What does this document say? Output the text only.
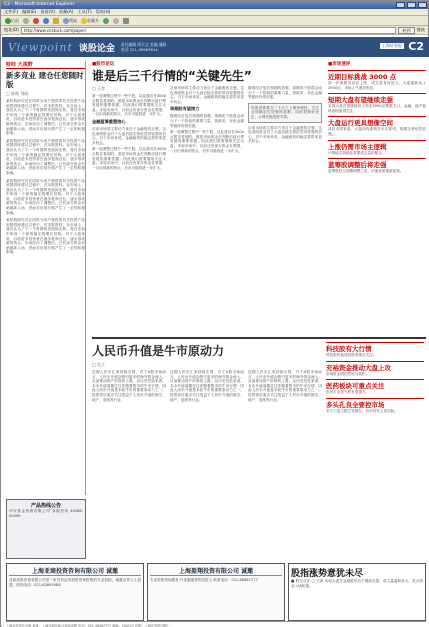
C2 - Microsoft Internet Explorer
文件(F) 编辑(E) 查看(V) 收藏(A) 工具(T) 帮助(H)
后退	搜索	收藏夹
地址(D)	http://www.cnstock.com/paper/	转到	链接
Viewpoint 谈股论金 责任编辑 周天文 美编 潘静
电话 021-38967614
上海证券报 C2
财经 大视野
新多竞业 建仓任您随时版
□ 陈秋 刘政
某机构研究员在同时为用户提供的有关投资产品和提供商建议过程中，对本报资料。在市场上，我们认为了下一个时期的发展和走势，将在市场中形成一个新的稳定的增长结构。对于大盘来说，目前更多投资者在逐步提高仓位，逐步形成新的热点。市场经历了调整后，已有部分资金开始重新入场，进而对后续行情产生了一定的积极影响。
某机构研究员在同时为用户提供的有关投资产品和提供商建议过程中，对本报资料。在市场上，我们认为了下一个时期的发展和走势，将在市场中形成一个新的稳定的增长结构。对于大盘来说，目前更多投资者在逐步提高仓位，逐步形成新的热点。市场经历了调整后，已有部分资金开始重新入场，进而对后续行情产生了一定的积极影响。
某机构研究员在同时为用户提供的有关投资产品和提供商建议过程中，对本报资料。在市场上，我们认为了下一个时期的发展和走势，将在市场中形成一个新的稳定的增长结构。对于大盘来说，目前更多投资者在逐步提高仓位，逐步形成新的热点。市场经历了调整后，已有部分资金开始重新入场，进而对后续行情产生了一定的积极影响。
某机构研究员在同时为用户提供的有关投资产品和提供商建议过程中，对本报资料。在市场上，我们认为了下一个时期的发展和走势，将在市场中形成一个新的稳定的增长结构。对于大盘来说，目前更多投资者在逐步提高仓位，逐步形成新的热点。市场经历了调整后，已有部分资金开始重新入场，进而对后续行情产生了一定的积极影响。
■股市论坛
谁是后三千行情的“关键先生”
□ 王彦
第一轮调整过程中一些个股，以及我们在3000点附近看到的，都是市场资金在判断后续行情发展的重要依据。因此我们需要继续关注大盘。本轮市场中，目前还有部分资金在观望，一旦出现新的热点，后市可能将进一步扩大。
金融蓝筹重塑信心
目前市场的主要动力来自于金融股的走强，这也表明资金对于大盘后续走势依然有较强的信心。对于市场来说，金融板块的稳定将带来更多机会。
第一轮调整过程中一些个股，以及我们在3000点附近看到的，都是市场资金在判断后续行情发展的重要依据。因此我们需要继续关注大盘。本轮市场中，目前还有部分资金在观望，一旦出现新的热点，后市可能将进一步扩大。
目前市场的主要动力来自于金融股的走强，这也表明资金对于大盘后续走势依然有较强的信心。对于市场来说，金融板块的稳定将带来更多机会。
周期股有望接力
随着经济复苏预期的加强，周期类个股将会成为下一个阶段的重要力量，资源类、有色金属等板块有望走强。
第一轮调整过程中一些个股，以及我们在3000点附近看到的，都是市场资金在判断后续行情发展的重要依据。因此我们需要继续关注大盘。本轮市场中，目前还有部分资金在观望，一旦出现新的热点，后市可能将进一步扩大。
随着经济复苏预期的加强，周期类个股将会成为下一个阶段的重要力量，资源类、有色金属等板块有望走强。
投资者需要在三千点之上保持理性，关注业绩确定性较强的品种，同时控制好仓位，合理安排投资节奏。
目前市场的主要动力来自于金融股的走强，这也表明资金对于大盘后续走势依然有较强的信心。对于市场来说，金融板块的稳定将带来更多机会。
■市场速评
近期目标挑战 3000 点
周一沪深股市双双上涨，成交量有所放大，大盘重新站上2900点，市场人气逐步恢复。
短期大盘有望继续走强
本周大盘有望继续向上冲击3000点整数关口，金融、地产板块表现值得关注。
大盘运行更具想像空间
从技术面来看，大盘均线系统呈多头排列，短期走势依然较强。
上涨仍需市场主逻辑
行情能否持续还需要成交量的配合。
蓝筹股调整后将走强
蓝筹股经过前期调整之后，估值优势重新显现。
人民币升值是牛市原动力
□ 孔立
近期人民币汇率持续走强，对于A股市场而言，人民币升值会吸引更多的海外资金流入，从而推动资产价格的上涨。从历史经验来看，本币升值周期往往伴随着股市的牛市行情，因此人民币升值是本轮牛市的重要原动力之一。投资者应重点关注受益于人民币升值的航空、地产、造纸等行业。
近期人民币汇率持续走强，对于A股市场而言，人民币升值会吸引更多的海外资金流入，从而推动资产价格的上涨。从历史经验来看，本币升值周期往往伴随着股市的牛市行情，因此人民币升值是本轮牛市的重要原动力之一。投资者应重点关注受益于人民币升值的航空、地产、造纸等行业。
近期人民币汇率持续走强，对于A股市场而言，人民币升值会吸引更多的海外资金流入，从而推动资产价格的上涨。从历史经验来看，本币升值周期往往伴随着股市的牛市行情，因此人民币升值是本轮牛市的重要原动力之一。投资者应重点关注受益于人民币升值的航空、地产、造纸等行业。
科技股有大行情
科技板块值得投资者重点关注。
充裕资金推动大盘上攻
市场资金面依然较为宽松。
医药板块可重点关注
医药行业景气度有望提升。
多头孔良全要控市场
多方力量占据主导地位，后市仍有上攻空间。
产品热线公告
华安基金管理有限公司 客服热线 40088-50099
上海亚商投资咨询有限公司 诚邀
亚商投资咨询有限公司是一家具有证券投资咨询资格的专业机构，诚邀各界人士加盟。热线电话：021-63895588
上海盈翔投资有限公司 诚邀
专业投资咨询服务 只征服地带的投资人 联系电话：021-68887777
股指涨势意犹未尽
■ 股市点评 □ 天津 本周大盘在金融股带动下继续走强，成交量温和放大，显示资金入场积极。
上海证券报社出版 地址：上海市浦东新区杨高南路 电话：021-38967777 邮编：200127 印刷：上海证券报印刷厂
